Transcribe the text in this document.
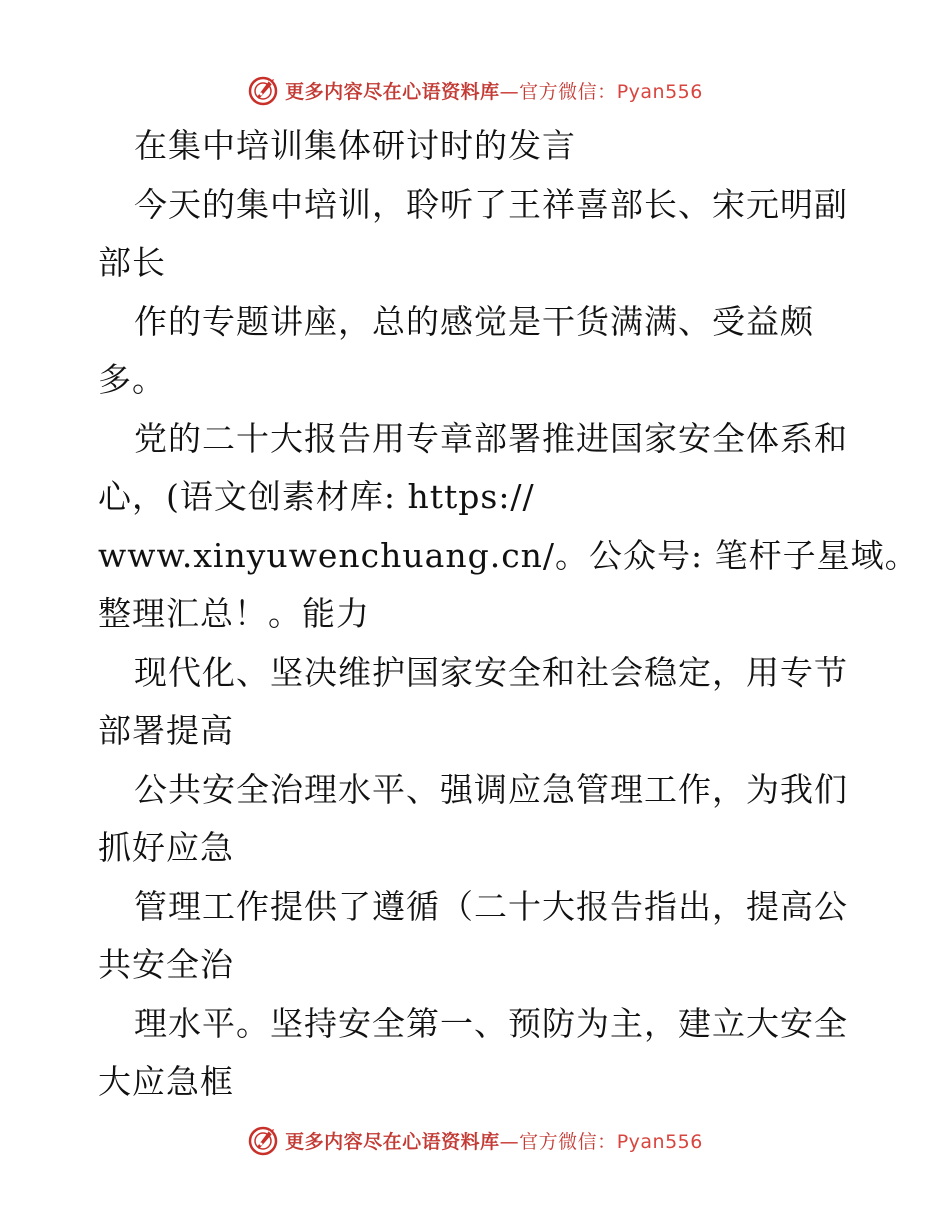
更多内容尽在心语资料库—官方微信：Pyan556
在集中培训集体研讨时的发言
今天的集中培训，聆听了王祥喜部长、宋元明副
部长
作的专题讲座，总的感觉是干货满满、受益颇
多。
党的二十大报告用专章部署推进国家安全体系和
心，(语文创素材库: https://
www.xinyuwenchuang.cn/。公众号: 笔杆子星域。
整理汇总！。能力
现代化、坚决维护国家安全和社会稳定，用专节
部署提高
公共安全治理水平、强调应急管理工作，为我们
抓好应急
管理工作提供了遵循（二十大报告指出，提高公
共安全治
理水平。坚持安全第一、预防为主，建立大安全
大应急框
更多内容尽在心语资料库—官方微信：Pyan556
